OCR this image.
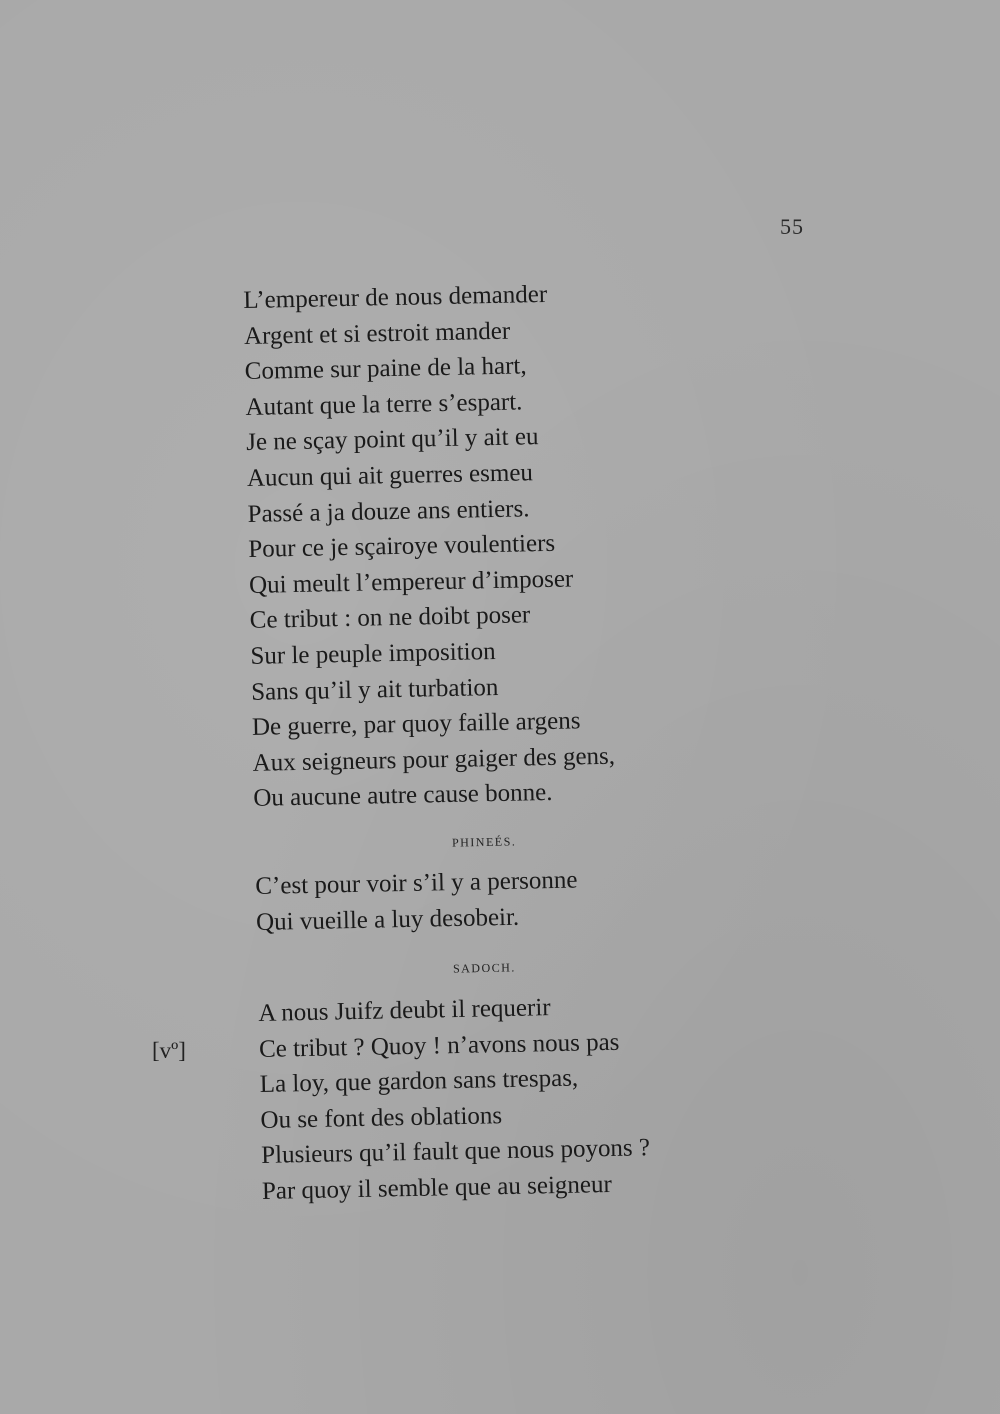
55
L’empereur de nous demander
Argent et si estroit mander
Comme sur paine de la hart,
Autant que la terre s’espart.
Je ne sçay point qu’il y ait eu
Aucun qui ait guerres esmeu
Passé a ja douze ans entiers.
Pour ce je sçairoye voulentiers
Qui meult l’empereur d’imposer
Ce tribut : on ne doibt poser
Sur le peuple imposition
Sans qu’il y ait turbation
De guerre, par quoy faille argens
Aux seigneurs pour gaiger des gens,
Ou aucune autre cause bonne.
PHINEÉS.
C’est pour voir s’il y a personne
Qui vueille a luy desobeir.
SADOCH.
A nous Juifz deubt il requerir
Ce tribut ? Quoy ! n’avons nous pas
La loy, que gardon sans trespas,
Ou se font des oblations
Plusieurs qu’il fault que nous poyons ?
Par quoy il semble que au seigneur
[vº]
